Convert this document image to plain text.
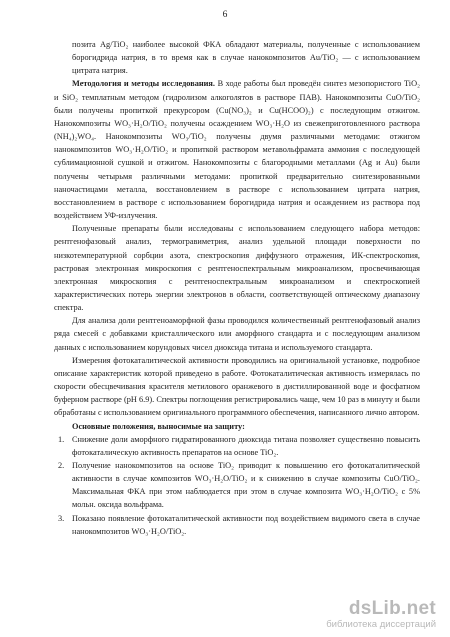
6

позита Ag/TiO₂ наиболее высокой ФКА обладают материалы, полученные с использованием борогидрида натрия, в то время как в случае нанокомпозитов Au/TiO₂ — с использованием цитрата натрия.

Методология и методы исследования. В ходе работы был проведён синтез мезопористого TiO₂ и SiO₂ темплатным методом (гидролизом алкоголятов в растворе ПАВ). Нанокомпозиты CuO/TiO₂ были получены пропиткой прекурсором (Cu(NO₃)₂ и Cu(HCOO)₂) с последующим отжигом. Нанокомпозиты WO₃·H₂O/TiO₂ получены осаждением WO₃·H₂O из свежеприготовленного раствора (NH₄)₂WO₄. Нанокомпозиты WO₃/TiO₂ получены двумя различными методами: отжигом нанокомпозитов WO₃·H₂O/TiO₂ и пропиткой раствором метавольфрамата аммония с последующей сублимационной сушкой и отжигом. Нанокомпозиты с благородными металлами (Ag и Au) были получены четырьмя различными методами: пропиткой предварительно синтезированными наночастицами металла, восстановлением в растворе с использованием цитрата натрия, восстановлением в растворе с использованием борогидрида натрия и осаждением из раствора под воздействием УФ-излучения.

Полученные препараты были исследованы с использованием следующего набора методов: рентгенофазовый анализ, термогравиметрия, анализ удельной площади поверхности по низкотемпературной сорбции азота, спектроскопия диффузного отражения, ИК-спектроскопия, растровая электронная микроскопия с рентгеноспектральным микроанализом, просвечивающая электронная микроскопия с рентгеноспектральным микроанализом и спектроскопией характеристических потерь энергии электронов в области, соответствующей оптическому диапазону спектра.

Для анализа доли рентгеноаморфной фазы проводился количественный рентгенофазовый анализ ряда смесей с добавками кристаллического или аморфного стандарта и с последующим анализом данных с использованием корундовых чисел диоксида титана и используемого стандарта.

Измерения фотокаталитической активности проводились на оригинальной установке, подробное описание характеристик которой приведено в работе. Фотокаталитическая активность измерялась по скорости обесцвечивания красителя метилового оранжевого в дистиллированной воде и фосфатном буферном растворе (pH 6.9). Спектры поглощения регистрировались чаще, чем 10 раз в минуту и были обработаны с использованием оригинального программного обеспечения, написанного лично автором.

Основные положения, выносимые на защиту:

1. Снижение доли аморфного гидратированного диоксида титана позволяет существенно повысить фотокаталическую активность препаратов на основе TiO₂.
2. Получение нанокомпозитов на основе TiO₂ приводит к повышению его фотокаталитической активности в случае композитов WO₃·H₂O/TiO₂ и к снижению в случае композиты CuO/TiO₂. Максимальная ФКА при этом наблюдается при этом в случае композита WO₃·H₂O/TiO₂ с 5% мольн. оксида вольфрама.
3. Показано появление фотокаталитической активности под воздействием видимого света в случае нанокомпозитов WO₃·H₂O/TiO₂.
dsLib.net
библиотека диссертаций
